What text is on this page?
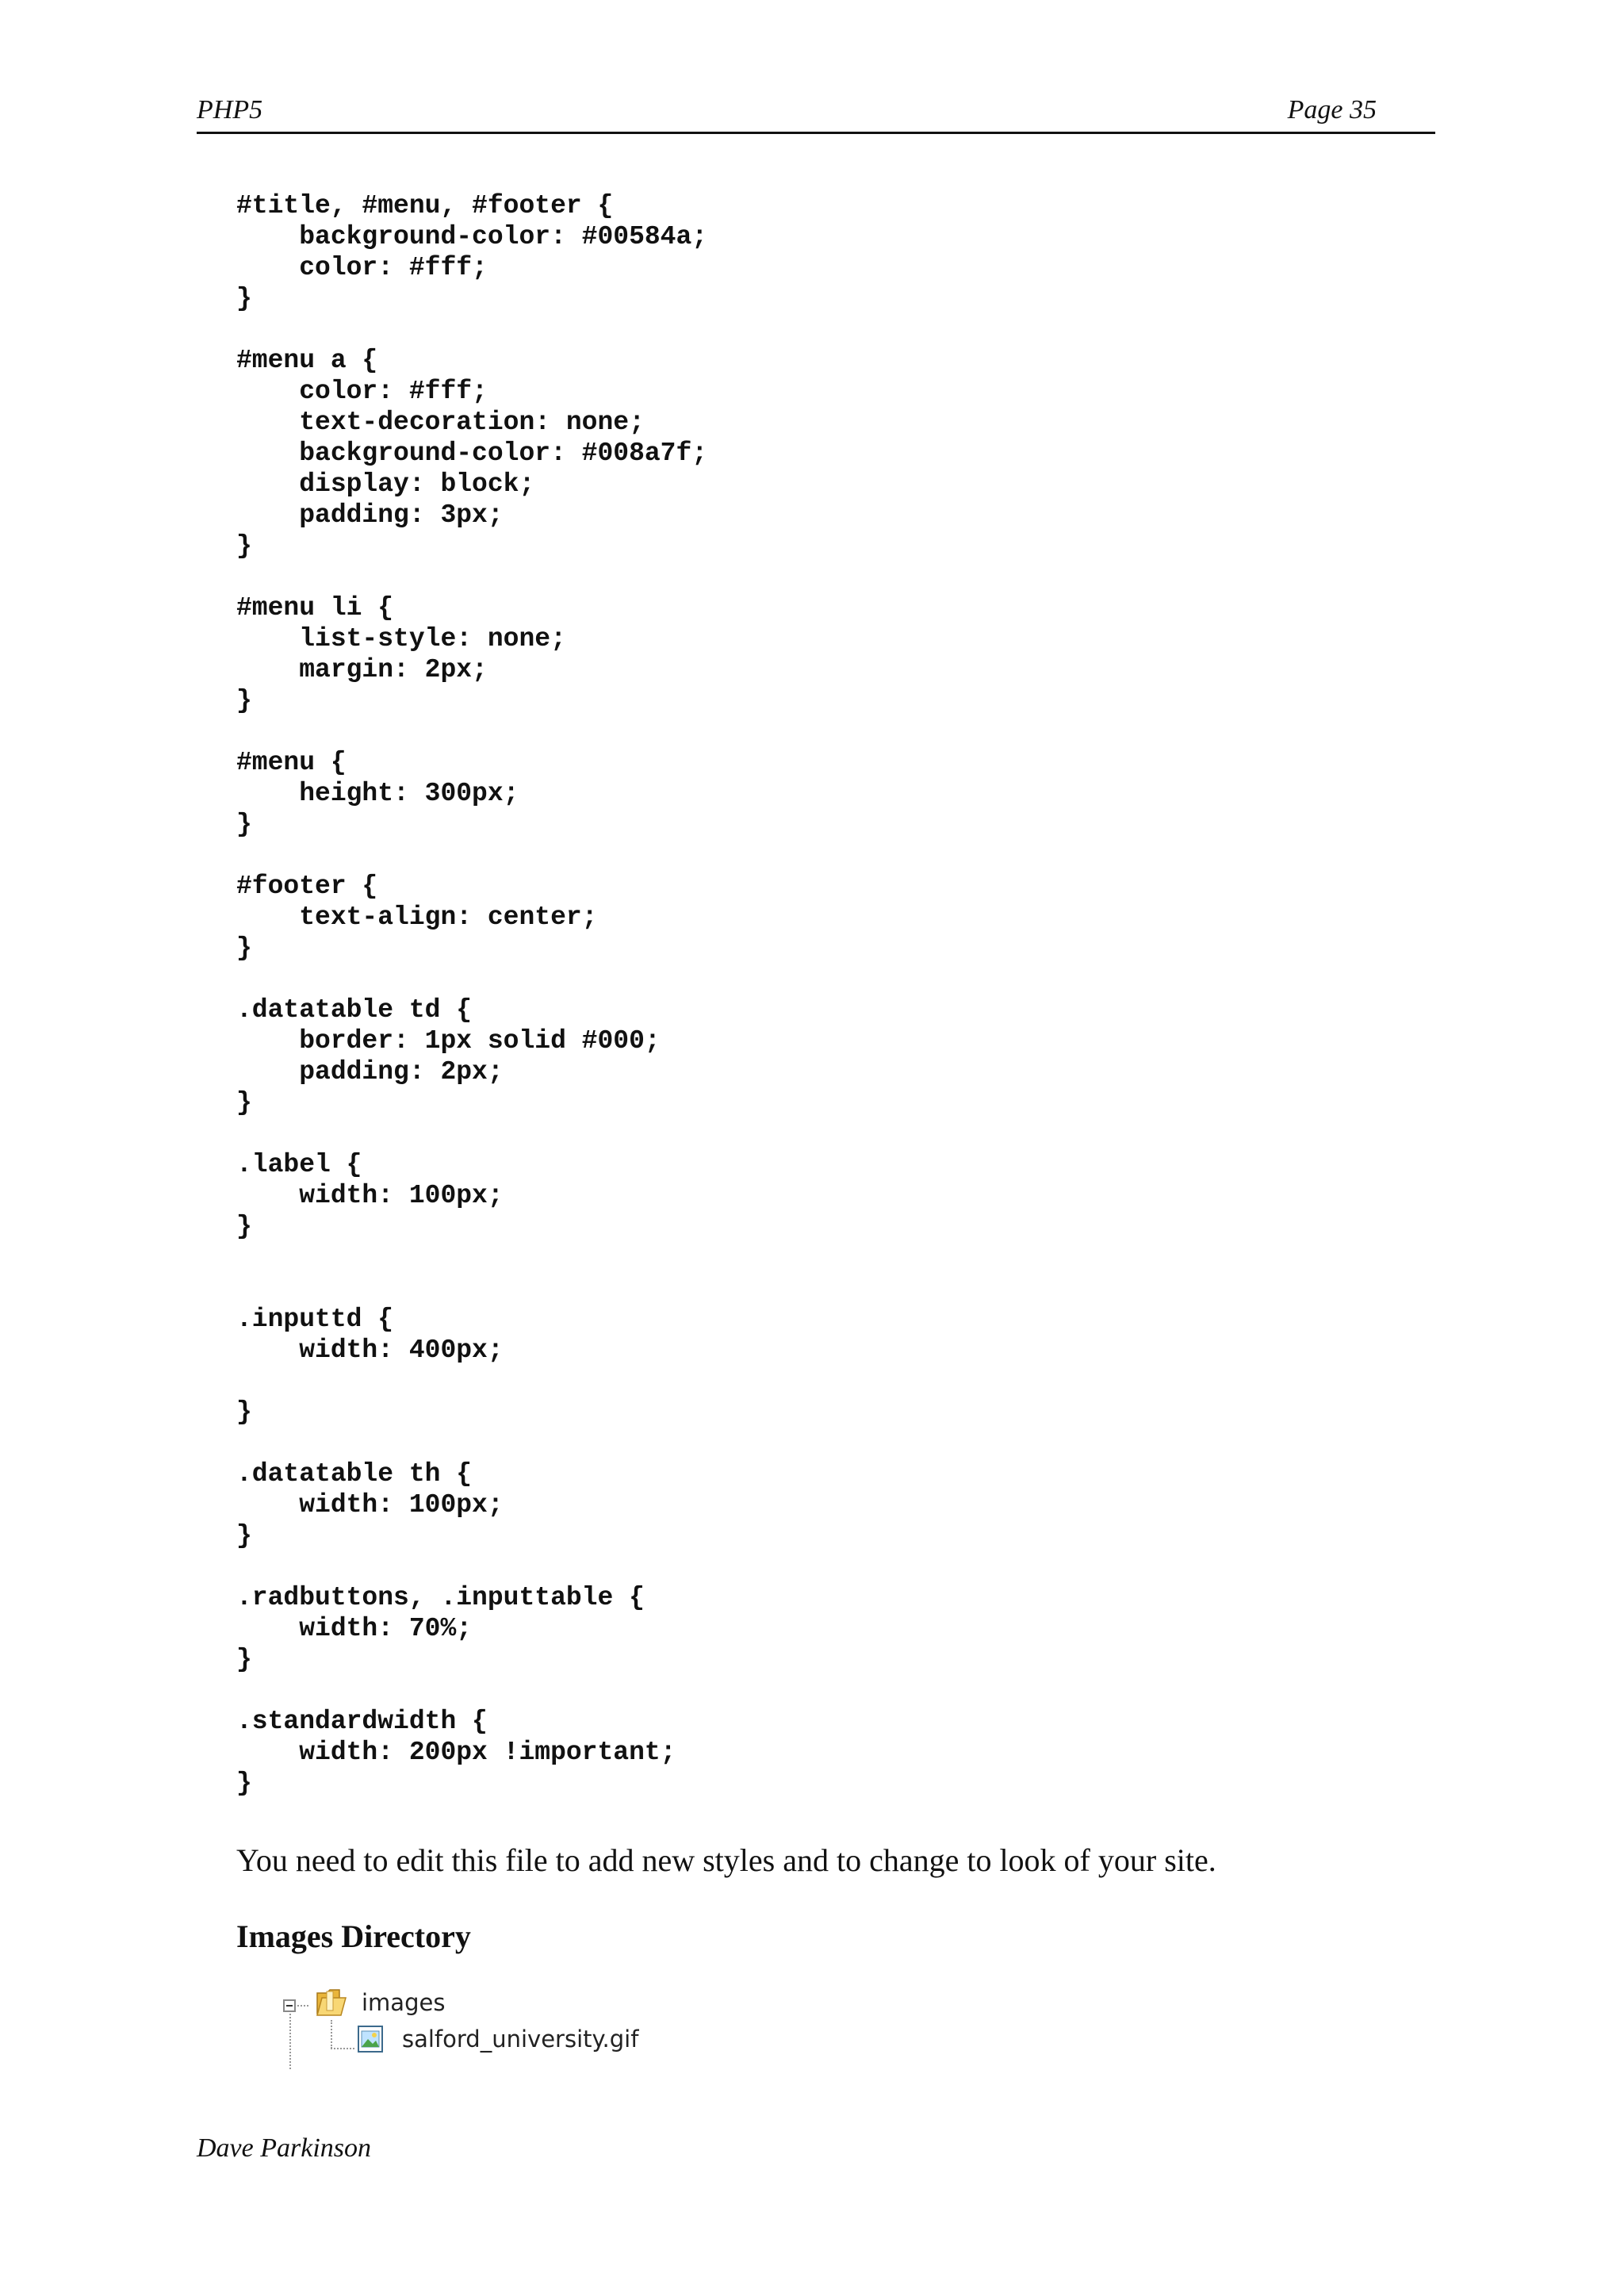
PHP5	Page 35
#title, #menu, #footer {
background-color: #00584a;
color: #fff;
}
#menu a {
color: #fff;
text-decoration: none;
background-color: #008a7f;
display: block;
padding: 3px;
}
#menu li {
list-style: none;
margin: 2px;
}
#menu {
height: 300px;
}
#footer {
text-align: center;
}
.datatable td {
border: 1px solid #000;
padding: 2px;
}
.label {
width: 100px;
}
.inputtd {
width: 400px;
}
.datatable th {
width: 100px;
}
.radbuttons, .inputtable {
width: 70%;
}
.standardwidth {
width: 200px !important;
}
You need to edit this file to add new styles and to change to look of your site.
Images Directory
images
salford_university.gif
Dave Parkinson
